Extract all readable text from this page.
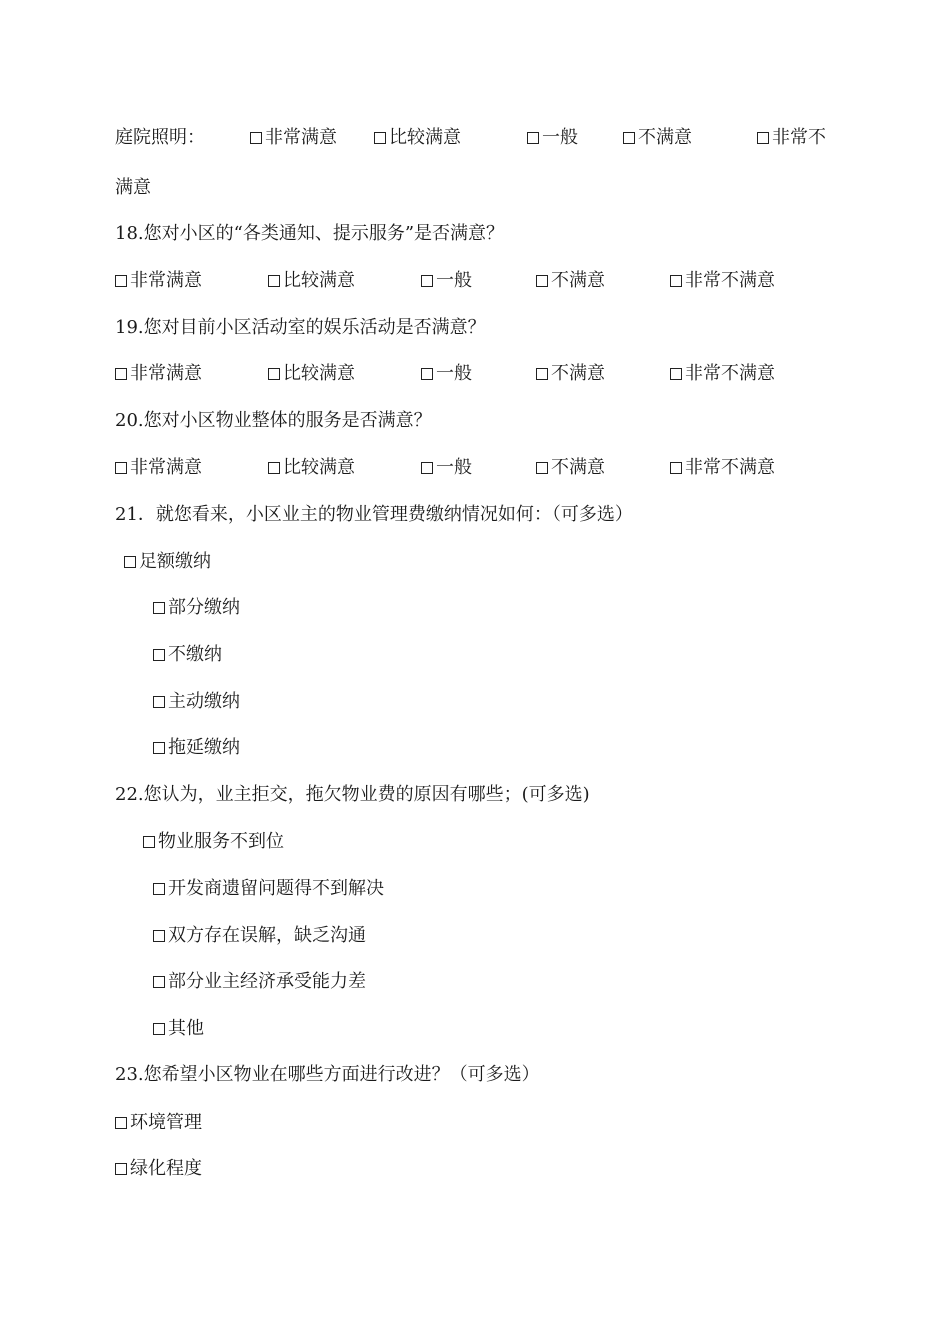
庭院照明：	非常满意	比较满意	一般	不满意	非常不
满意
18.您对小区的“各类通知、提示服务”是否满意？
非常满意	比较满意	一般	不满意	非常不满意
19.您对目前小区活动室的娱乐活动是否满意？
非常满意	比较满意	一般	不满意	非常不满意
20.您对小区物业整体的服务是否满意？
非常满意	比较满意	一般	不满意	非常不满意
21．就您看来，小区业主的物业管理费缴纳情况如何：（可多选）
足额缴纳
部分缴纳
不缴纳
主动缴纳
拖延缴纳
22.您认为，业主拒交，拖欠物业费的原因有哪些；(可多选)
物业服务不到位
开发商遗留问题得不到解决
双方存在误解，缺乏沟通
部分业主经济承受能力差
其他
23.您希望小区物业在哪些方面进行改进？（可多选）
环境管理
绿化程度
